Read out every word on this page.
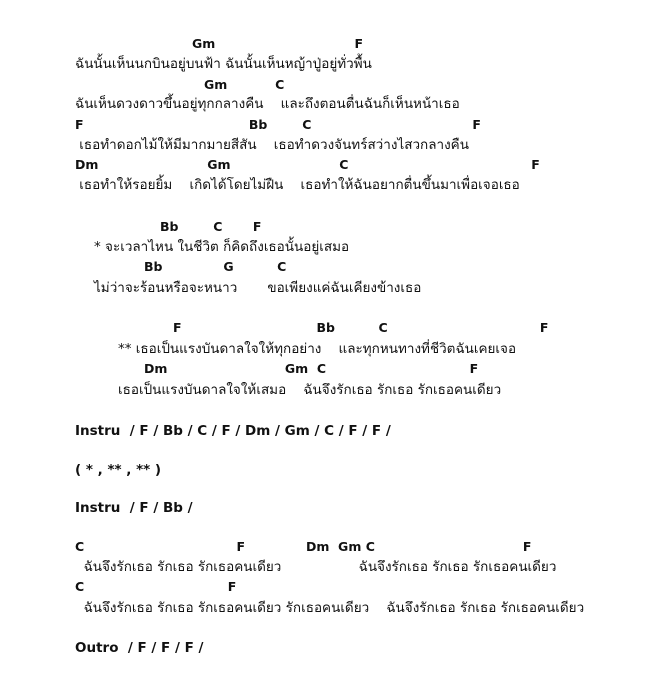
Gm                                F
ฉันนั้นเห็นนกบินอยู่บนฟ้า ฉันนั้นเห็นหญ้าปู่อยู่ทั่วพื้น
Gm           C
ฉันเห็นดวงดาวขึ้นอยู่ทุกกลางคืน    และถึงตอนตื่นฉันก็เห็นหน้าเธอ
F                                      Bb        C                                     F
เธอทำดอกไม้ให้มีมากมายสีสัน    เธอทำดวงจันทร์สว่างไสวกลางคืน
Dm                         Gm                         C                                          F
เธอทำให้รอยยิ้ม    เกิดได้โดยไม่ฝืน    เธอทำให้ฉันอยากตื่นขึ้นมาเพื่อเจอเธอ
Bb        C       F
* จะเวลาไหน ในชีวิต ก็คิดถึงเธอนั้นอยู่เสมอ
Bb              G          C
ไม่ว่าจะร้อนหรือจะหนาว       ขอเพียงแค่ฉันเคียงข้างเธอ
F                               Bb          C                                   F
** เธอเป็นแรงบันดาลใจให้ทุกอย่าง    และทุกหนทางที่ชีวิตฉันเคยเจอ
Dm                           Gm  C                                 F
เธอเป็นแรงบันดาลใจให้เสมอ    ฉันจึงรักเธอ รักเธอ รักเธอคนเดียว
Instru  / F / Bb / C / F / Dm / Gm / C / F / F /
( * , ** , ** )
Instru  / F / Bb /
C                                   F              Dm  Gm C                                  F
ฉันจึงรักเธอ รักเธอ รักเธอคนเดียว                  ฉันจึงรักเธอ รักเธอ รักเธอคนเดียว
C                                 F
ฉันจึงรักเธอ รักเธอ รักเธอคนเดียว รักเธอคนเดียว    ฉันจึงรักเธอ รักเธอ รักเธอคนเดียว
Outro  / F / F / F /
